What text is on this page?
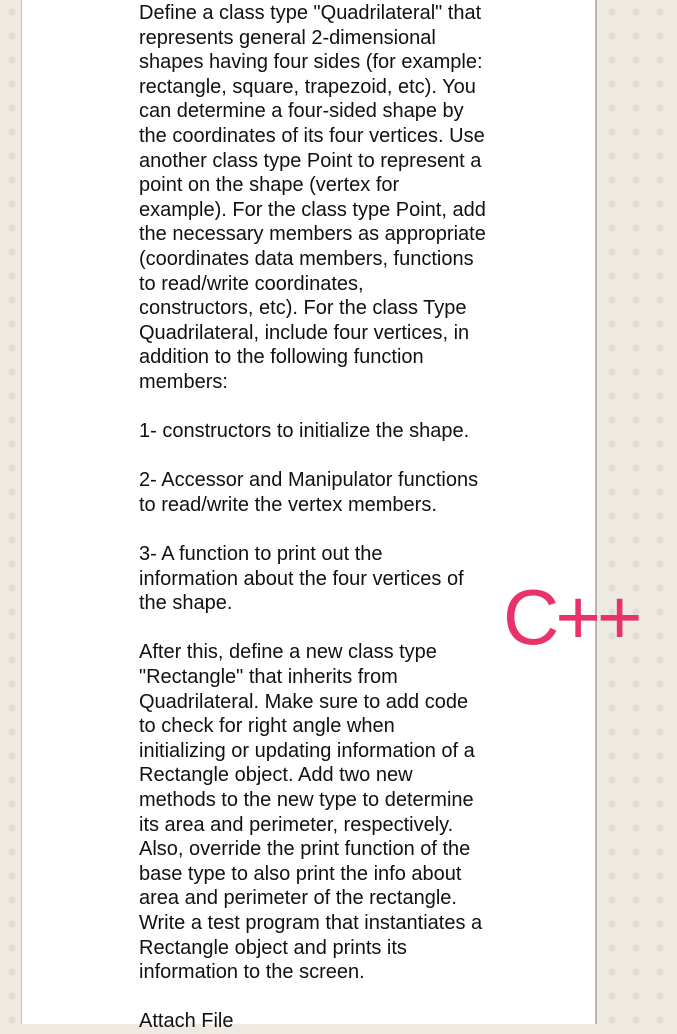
Define a class type "Quadrilateral" that
represents general 2-dimensional
shapes having four sides (for example:
rectangle, square, trapezoid, etc). You
can determine a four-sided shape by
the coordinates of its four vertices. Use
another class type Point to represent a
point on the shape (vertex for
example). For the class type Point, add
the necessary members as appropriate
(coordinates data members, functions
to read/write coordinates,
constructors, etc). For the class Type
Quadrilateral, include four vertices, in
addition to the following function
members:
1- constructors to initialize the shape.
2- Accessor and Manipulator functions
to read/write the vertex members.
3- A function to print out the
information about the four vertices of
the shape.
After this, define a new class type
"Rectangle" that inherits from
Quadrilateral. Make sure to add code
to check for right angle when
initializing or updating information of a
Rectangle object. Add two new
methods to the new type to determine
its area and perimeter, respectively.
Also, override the print function of the
base type to also print the info about
area and perimeter of the rectangle.
Write a test program that instantiates a
Rectangle object and prints its
information to the screen.
Attach File
C++
